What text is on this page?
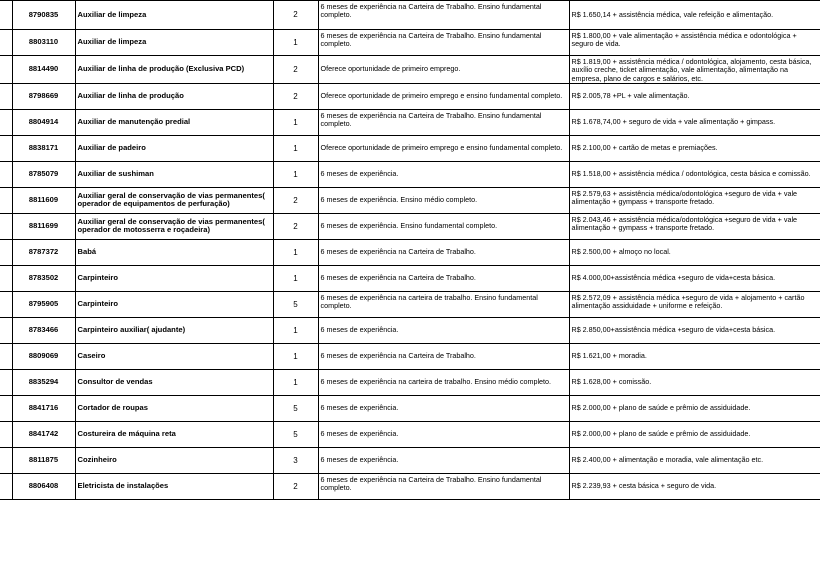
	8790835	Auxiliar de limpeza	2	6 meses de experiência na Carteira de Trabalho. Ensino fundamental completo.	R$ 1.650,14 + assistência médica, vale refeição e alimentação.
	8803110	Auxiliar de limpeza	1	6 meses de experiência na Carteira de Trabalho. Ensino fundamental completo.	R$ 1.800,00 + vale alimentação + assistência médica e odontológica + seguro de vida.
	8814490	Auxiliar de linha de produção (Exclusiva PCD)	2	Oferece oportunidade de primeiro emprego.	R$ 1.819,00 + assistência médica / odontológica, alojamento, cesta básica, auxílio creche, ticket alimentação, vale alimentação, alimentação na empresa, plano de cargos e salários, etc.
	8798669	Auxiliar de linha de produção	2	Oferece oportunidade de primeiro emprego e ensino fundamental completo.	R$ 2.005,78 +PL + vale alimentação.
	8804914	Auxiliar de manutenção predial	1	6 meses de experiência na Carteira de Trabalho. Ensino fundamental completo.	R$ 1.678,74,00 + seguro de vida + vale alimentação + gimpass.
	8838171	Auxiliar de padeiro	1	Oferece oportunidade de primeiro emprego e ensino fundamental completo.	R$ 2.100,00 + cartão de metas e premiações.
	8785079	Auxiliar de sushiman	1	6 meses de experiência.	R$ 1.518,00 + assistência médica / odontológica, cesta básica e comissão.
	8811609	Auxiliar geral de conservação de vias permanentes( operador de equipamentos de perfuração)	2	6 meses de experiência. Ensino médio completo.	R$ 2.579,63 + assistência médica/odontológica +seguro de vida + vale alimentação + gympass + transporte fretado.
	8811699	Auxiliar geral de conservação de vias permanentes( operador de motosserra e roçadeira)	2	6 meses de experiência. Ensino fundamental completo.	R$ 2.043,46 + assistência médica/odontológica +seguro de vida + vale alimentação + gympass + transporte fretado.
	8787372	Babá	1	6 meses de experiência na Carteira de Trabalho.	R$ 2.500,00 + almoço no local.
	8783502	Carpinteiro	1	6 meses de experiência na Carteira de Trabalho.	R$ 4.000,00+assistência médica +seguro de vida+cesta básica.
	8795905	Carpinteiro	5	6 meses de experiência na carteira de trabalho. Ensino fundamental completo.	R$ 2.572,09 + assistência médica +seguro de vida + alojamento + cartão alimentação assiduidade + uniforme e refeição.
	8783466	Carpinteiro auxiliar( ajudante)	1	6 meses de experiência.	R$ 2.850,00+assistência médica +seguro de vida+cesta básica.
	8809069	Caseiro	1	6 meses de experiência na Carteira de Trabalho.	R$ 1.621,00 + moradia.
	8835294	Consultor de vendas	1	6 meses de experiência na carteira de trabalho. Ensino médio completo.	R$ 1.628,00 + comissão.
	8841716	Cortador de roupas	5	6 meses de experiência.	R$ 2.000,00 + plano de saúde e prêmio de assiduidade.
	8841742	Costureira de máquina reta	5	6 meses de experiência.	R$ 2.000,00 + plano de saúde e prêmio de assiduidade.
	8811875	Cozinheiro	3	6 meses de experiência.	R$ 2.400,00 + alimentação e moradia, vale alimentação etc.
	8806408	Eletricista de instalações	2	6 meses de experiência na Carteira de Trabalho. Ensino fundamental completo.	R$ 2.239,93 + cesta básica + seguro de vida.
